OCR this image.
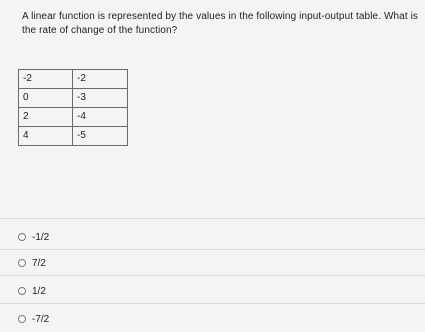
A linear function is represented by the values in the following input-output table. What is the rate of change of the function?
-2	-2
0	-3
2	-4
4	-5
-1/2
7/2
1/2
-7/2
